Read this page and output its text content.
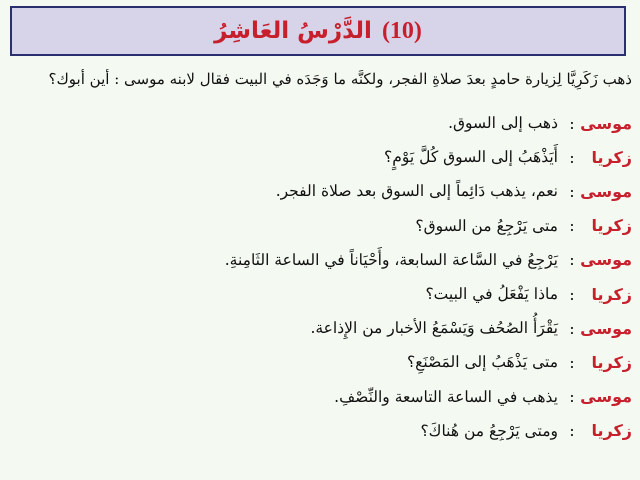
(10)
الدَّرْسُ العَاشِرُ
ذهب زَكَرِيَّا لِزيارة حامدٍ بعدَ صلاةِ الفجر، ولكنَّه ما وَجَدَه في البيت فقال لابنه موسى : أين أبوك؟
موسى
:
ذهب إلى السوق.
زكريا
:
أَيَذْهَبُ إلى السوق كُلَّ يَوْمٍ؟
موسى
:
نعم، يذهب دَائِماً إلى السوق بعد صلاة الفجر.
زكريا
:
متى يَرْجِعُ من السوق؟
موسى
:
يَرْجِعُ في السَّاعة السابعة، وأَحْيَاناً في الساعة الثَامِنةِ.
زكريا
:
ماذا يَفْعَلُ في البيت؟
موسى
:
يَقْرَأُ الصُحُف وَيَسْمَعُ الأخبار من الإِذاعة.
زكريا
:
متى يَذْهَبُ إلى المَصْنَعِ؟
موسى
:
يذهب في الساعة التاسعة والنِّصْفِ.
زكريا
:
ومتى يَرْجِعُ من هُناكَ؟
